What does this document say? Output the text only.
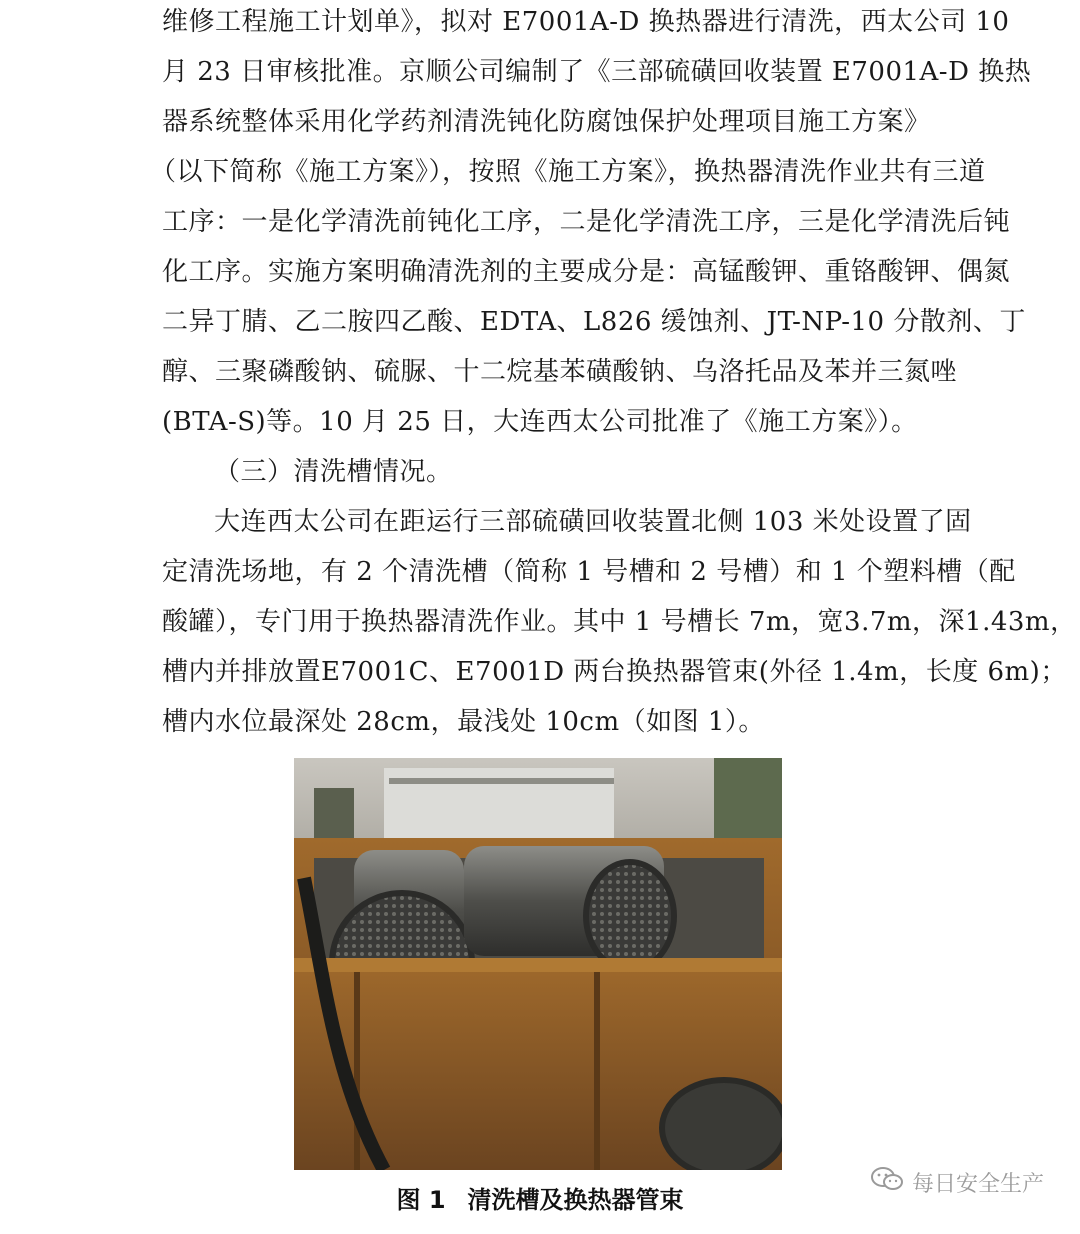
维修工程施工计划单》，拟对 E7001A-D 换热器进行清洗，西太公司 10
月 23 日审核批准。京顺公司编制了《三部硫磺回收装置 E7001A-D 换热
器系统整体采用化学药剂清洗钝化防腐蚀保护处理项目施工方案》
（以下简称《施工方案》），按照《施工方案》，换热器清洗作业共有三道
工序：一是化学清洗前钝化工序，二是化学清洗工序，三是化学清洗后钝
化工序。实施方案明确清洗剂的主要成分是：高锰酸钾、重铬酸钾、偶氮
二异丁腈、乙二胺四乙酸、EDTA、L826 缓蚀剂、JT-NP-10 分散剂、丁
醇、三聚磷酸钠、硫脲、十二烷基苯磺酸钠、乌洛托品及苯并三氮唑
(BTA-S)等。10 月 25 日，大连西太公司批准了《施工方案》）。
（三）清洗槽情况。
大连西太公司在距运行三部硫磺回收装置北侧 103 米处设置了固
定清洗场地，有 2 个清洗槽（简称 1 号槽和 2 号槽）和 1 个塑料槽（配
酸罐），专门用于换热器清洗作业。其中 1 号槽长 7m，宽3.7m，深1.43m，
槽内并排放置E7001C、E7001D 两台换热器管束(外径 1.4m，长度 6m)；
槽内水位最深处 28cm，最浅处 10cm（如图 1）。
图 1 清洗槽及换热器管束
每日安全生产
